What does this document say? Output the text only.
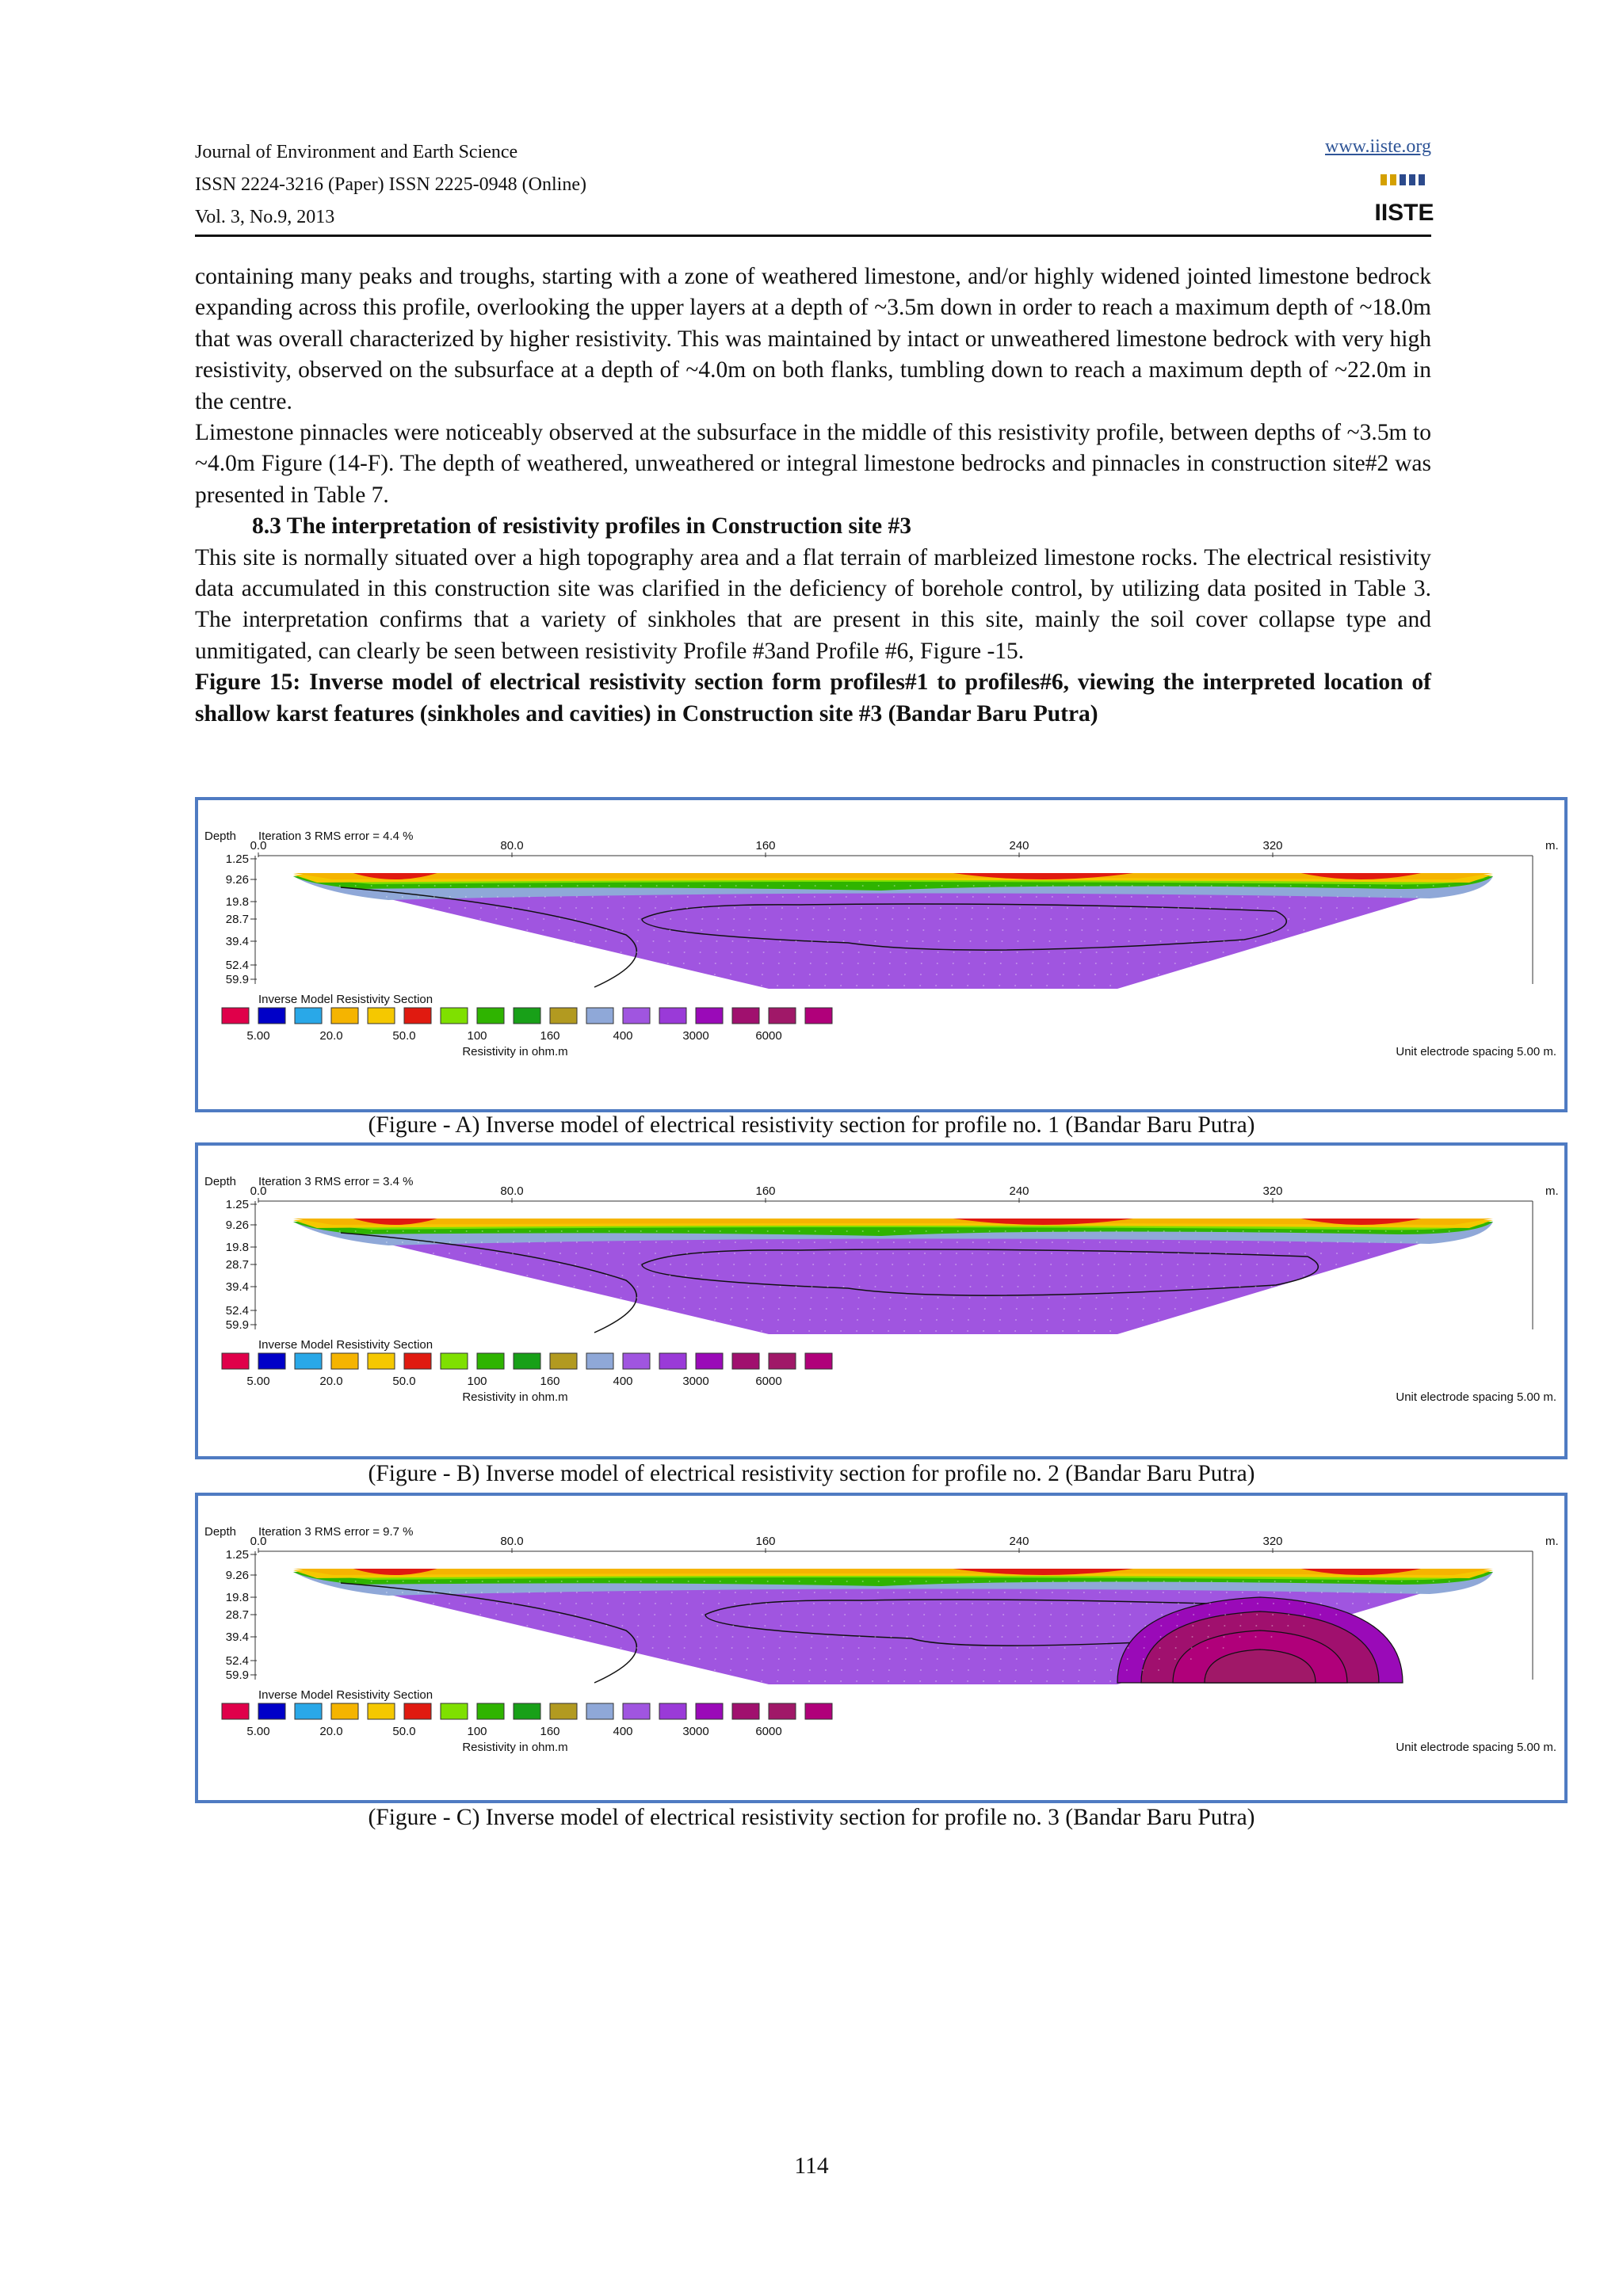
Journal of Environment and Earth Science
ISSN 2224-3216 (Paper) ISSN 2225-0948 (Online)
Vol. 3, No.9, 2013
www.iiste.org
IISTE

containing many peaks and troughs, starting with a zone of weathered limestone, and/or highly widened jointed limestone bedrock expanding across this profile, overlooking the upper layers at a depth of ~3.5m down in order to reach a maximum depth of ~18.0m that was overall characterized by higher resistivity. This was maintained by intact or unweathered limestone bedrock with very high resistivity, observed on the subsurface at a depth of ~4.0m on both flanks, tumbling down to reach a maximum depth of ~22.0m in the centre.

Limestone pinnacles were noticeably observed at the subsurface in the middle of this resistivity profile, between depths of ~3.5m to ~4.0m Figure (14-F). The depth of weathered, unweathered or integral limestone bedrocks and pinnacles in construction site#2 was presented in Table 7.

8.3 The interpretation of resistivity profiles in Construction site #3

This site is normally situated over a high topography area and a flat terrain of marbleized limestone rocks. The electrical resistivity data accumulated in this construction site was clarified in the deficiency of borehole control, by utilizing data posited in Table 3. The interpretation confirms that a variety of sinkholes that are present in this site, mainly the soil cover collapse type and unmitigated, can clearly be seen between resistivity Profile #3and Profile #6, Figure -15.

Figure 15: Inverse model of electrical resistivity section form profiles#1 to profiles#6, viewing the interpreted location of shallow karst features (sinkholes and cavities) in Construction site #3 (Bandar Baru Putra)

Depth Iteration 3 RMS error = 4.4 %
0.0	80.0	160	240	320	m.
1.25
9.26
19.8
28.7
39.4
52.4
59.9
Inverse Model Resistivity Section
5.00	20.0	50.0	100	160	400	3000	6000
Resistivity in ohm.m	Unit electrode spacing 5.00 m.
(Figure - A) Inverse model of electrical resistivity section for profile no. 1 (Bandar Baru Putra)
Depth Iteration 3 RMS error = 3.4 %
0.0	80.0	160	240	320	m.
1.25
9.26
19.8
28.7
39.4
52.4
59.9
Inverse Model Resistivity Section
5.00	20.0	50.0	100	160	400	3000	6000
Resistivity in ohm.m	Unit electrode spacing 5.00 m.
(Figure - B) Inverse model of electrical resistivity section for profile no. 2 (Bandar Baru Putra)
Depth Iteration 3 RMS error = 9.7 %
0.0	80.0	160	240	320	m.
1.25
9.26
19.8
28.7
39.4
52.4
59.9
Inverse Model Resistivity Section
5.00	20.0	50.0	100	160	400	3000	6000
Resistivity in ohm.m	Unit electrode spacing 5.00 m.
(Figure - C) Inverse model of electrical resistivity section for profile no. 3 (Bandar Baru Putra)
114
